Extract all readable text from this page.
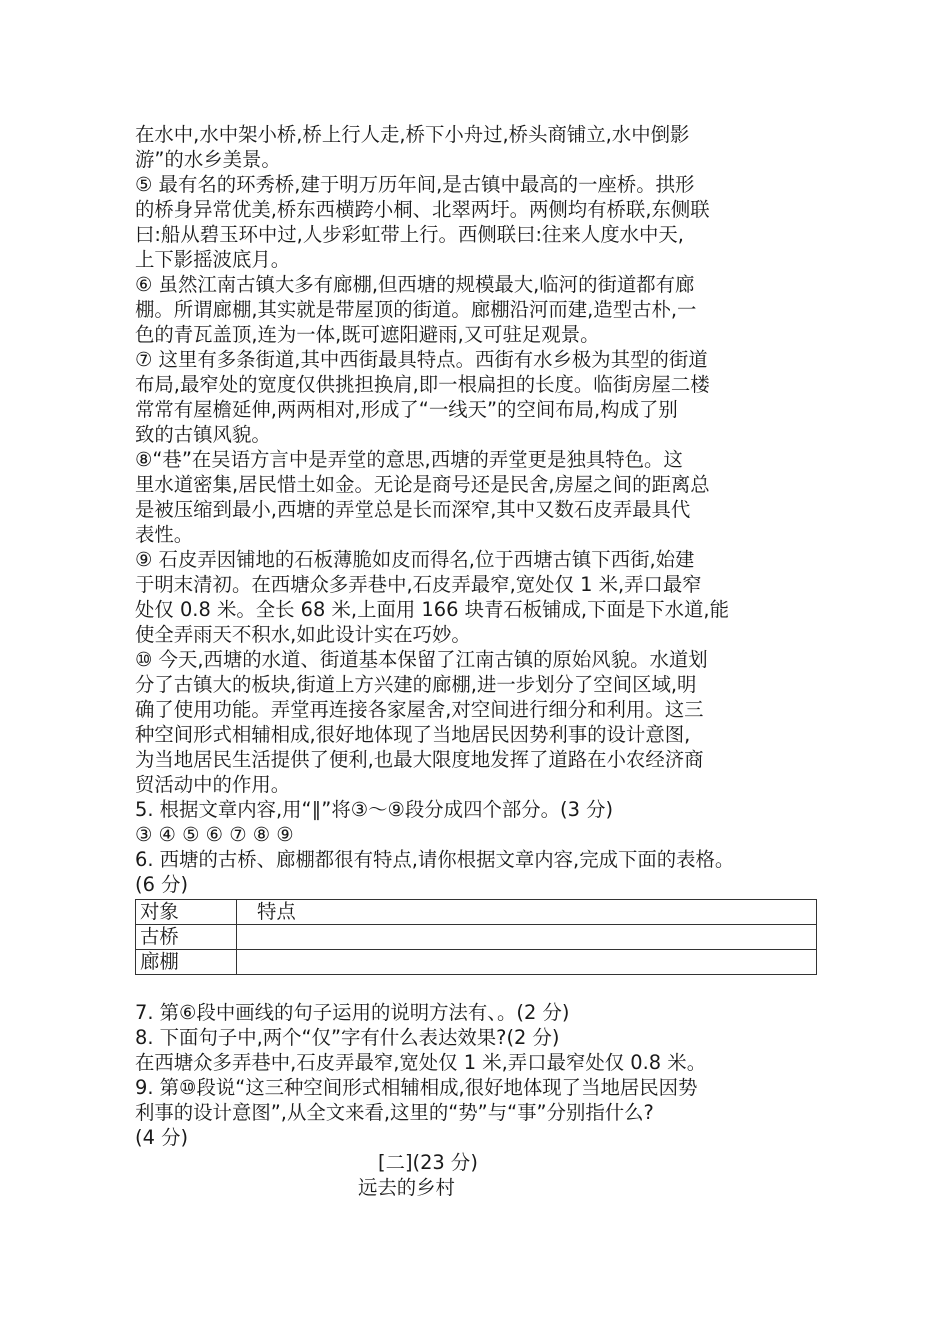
在水中,水中架小桥,桥上行人走,桥下小舟过,桥头商铺立,水中倒影

游”的水乡美景。

⑤ 最有名的环秀桥,建于明万历年间,是古镇中最高的一座桥。拱形

的桥身异常优美,桥东西横跨小桐、北翠两圩。两侧均有桥联,东侧联

曰:船从碧玉环中过,人步彩虹带上行。西侧联曰:往来人度水中天,

上下影摇波底月。

⑥ 虽然江南古镇大多有廊棚,但西塘的规模最大,临河的街道都有廊

棚。所谓廊棚,其实就是带屋顶的街道。廊棚沿河而建,造型古朴,一

色的青瓦盖顶,连为一体,既可遮阳避雨,又可驻足观景。

⑦ 这里有多条街道,其中西街最具特点。西街有水乡极为其型的街道

布局,最窄处的宽度仅供挑担换肩,即一根扁担的长度。临街房屋二楼

常常有屋檐延伸,两两相对,形成了“一线天”的空间布局,构成了别

致的古镇风貌。

⑧“巷”在吴语方言中是弄堂的意思,西塘的弄堂更是独具特色。这

里水道密集,居民惜土如金。无论是商号还是民舍,房屋之间的距离总

是被压缩到最小,西塘的弄堂总是长而深窄,其中又数石皮弄最具代

表性。

⑨ 石皮弄因铺地的石板薄脆如皮而得名,位于西塘古镇下西街,始建

于明末清初。在西塘众多弄巷中,石皮弄最窄,宽处仅 1 米,弄口最窄

处仅 0.8 米。全长 68 米,上面用 166 块青石板铺成,下面是下水道,能

使全弄雨天不积水,如此设计实在巧妙。

⑩ 今天,西塘的水道、街道基本保留了江南古镇的原始风貌。水道划

分了古镇大的板块,街道上方兴建的廊棚,进一步划分了空间区域,明

确了使用功能。弄堂再连接各家屋舍,对空间进行细分和利用。这三

种空间形式相辅相成,很好地体现了当地居民因势利事的设计意图,

为当地居民生活提供了便利,也最大限度地发挥了道路在小农经济商

贸活动中的作用。

5. 根据文章内容,用“∥”将③～⑨段分成四个部分。(3 分)

③ ④ ⑤ ⑥ ⑦ ⑧ ⑨

6. 西塘的古桥、廊棚都很有特点,请你根据文章内容,完成下面的表格。

(6 分)

对象	特点
古桥	
廊棚	

7. 第⑥段中画线的句子运用的说明方法有、。(2 分)

8. 下面句子中,两个“仅”字有什么表达效果?(2 分)

在西塘众多弄巷中,石皮弄最窄,宽处仅 1 米,弄口最窄处仅 0.8 米。

9. 第⑩段说“这三种空间形式相辅相成,很好地体现了当地居民因势

利事的设计意图”,从全文来看,这里的“势”与“事”分别指什么?

(4 分)

[二](23 分)

远去的乡村
